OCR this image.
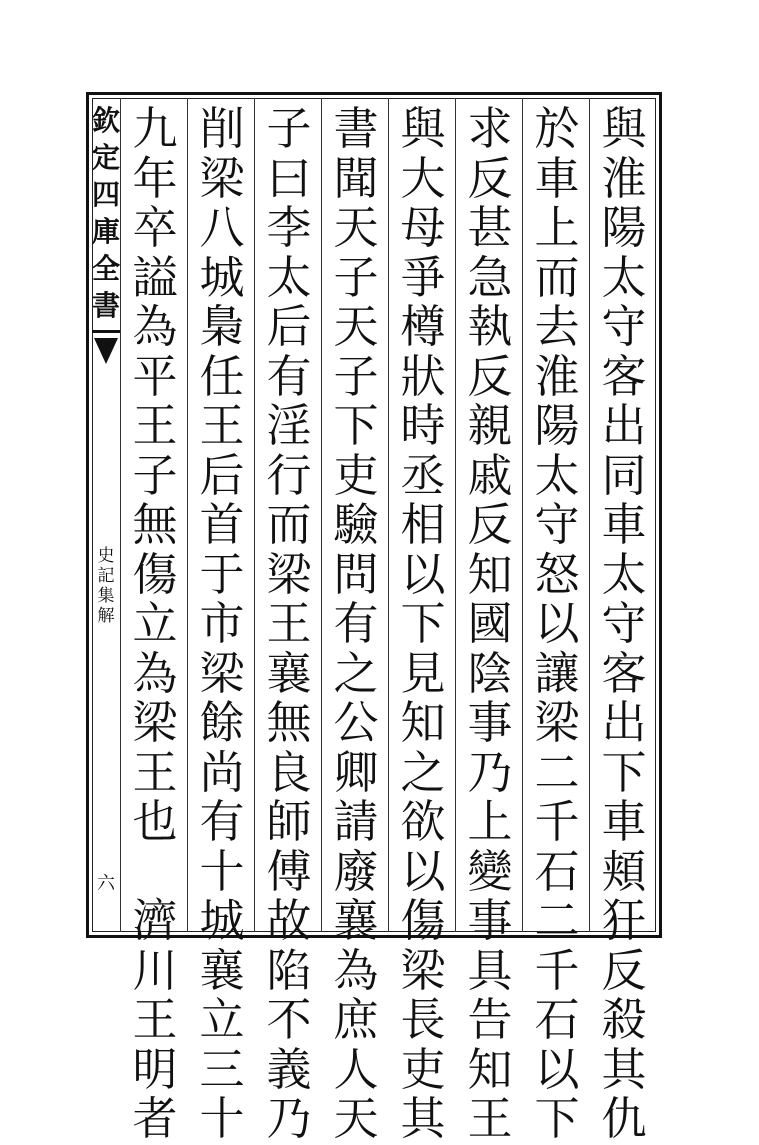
欽
定
四
庫
全
書
史
記
集
解
六
與
淮
陽
太
守
客
出
同
車
太
守
客
出
下
車
頬
犴
反
殺
其
仇
於
車
上
而
去
淮
陽
太
守
怒
以
讓
梁
二
千
石
二
千
石
以
下
求
反
甚
急
執
反
親
戚
反
知
國
陰
事
乃
上
變
事
具
告
知
王
與
大
母
爭
樽
狀
時
丞
相
以
下
見
知
之
欲
以
傷
梁
長
吏
其
書
聞
天
子
天
子
下
吏
驗
問
有
之
公
卿
請
廢
襄
為
庶
人
天
子
曰
李
太
后
有
淫
行
而
梁
王
襄
無
良
師
傅
故
陷
不
義
乃
削
梁
八
城
梟
任
王
后
首
于
市
梁
餘
尚
有
十
城
襄
立
三
十
九
年
卒
謚
為
平
王
子
無
傷
立
為
梁
王
也

濟
川
王
明
者
